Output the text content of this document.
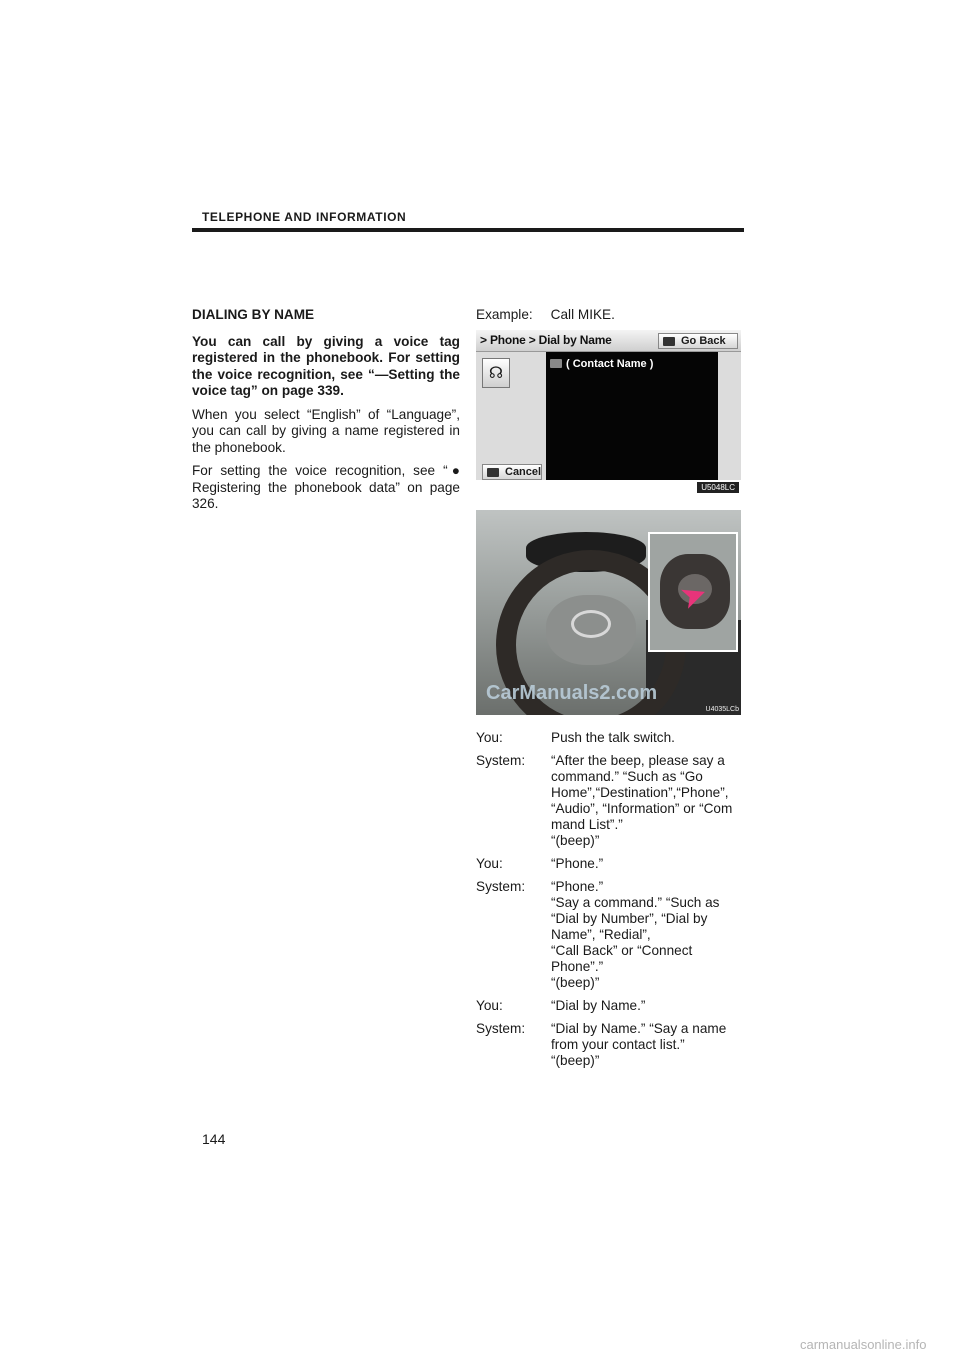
TELEPHONE AND INFORMATION
DIALING BY NAME

You can call by giving a voice tag registered in the phonebook. For setting the voice recognition, see “—Setting the voice tag” on page 339.

When you select “English” of “Language”, you can call by giving a name registered in the phonebook.

For setting the voice recognition, see “● Registering the phonebook data” on page 326.

Example: Call MIKE.
> Phone > Dial by Name	Go Back
☊
Cancel
( Contact Name )
U5048LC
➤
CarManuals2.com
U4035LCb
You:	Push the talk switch.
System:	“After the beep, please say a
command.” “Such as “Go
Home”,“Destination”,“Phone”,
“Audio”, “Information” or “Com
mand List”.”
“(beep)”
You:	“Phone.”
System:	“Phone.”
“Say a command.” “Such as
“Dial by Number”, “Dial by
Name”, “Redial”,
“Call Back” or “Connect
Phone”.”
“(beep)”
You:	“Dial by Name.”
System:	“Dial by Name.” “Say a name
from your contact list.”
“(beep)”
144
carmanualsonline.info
